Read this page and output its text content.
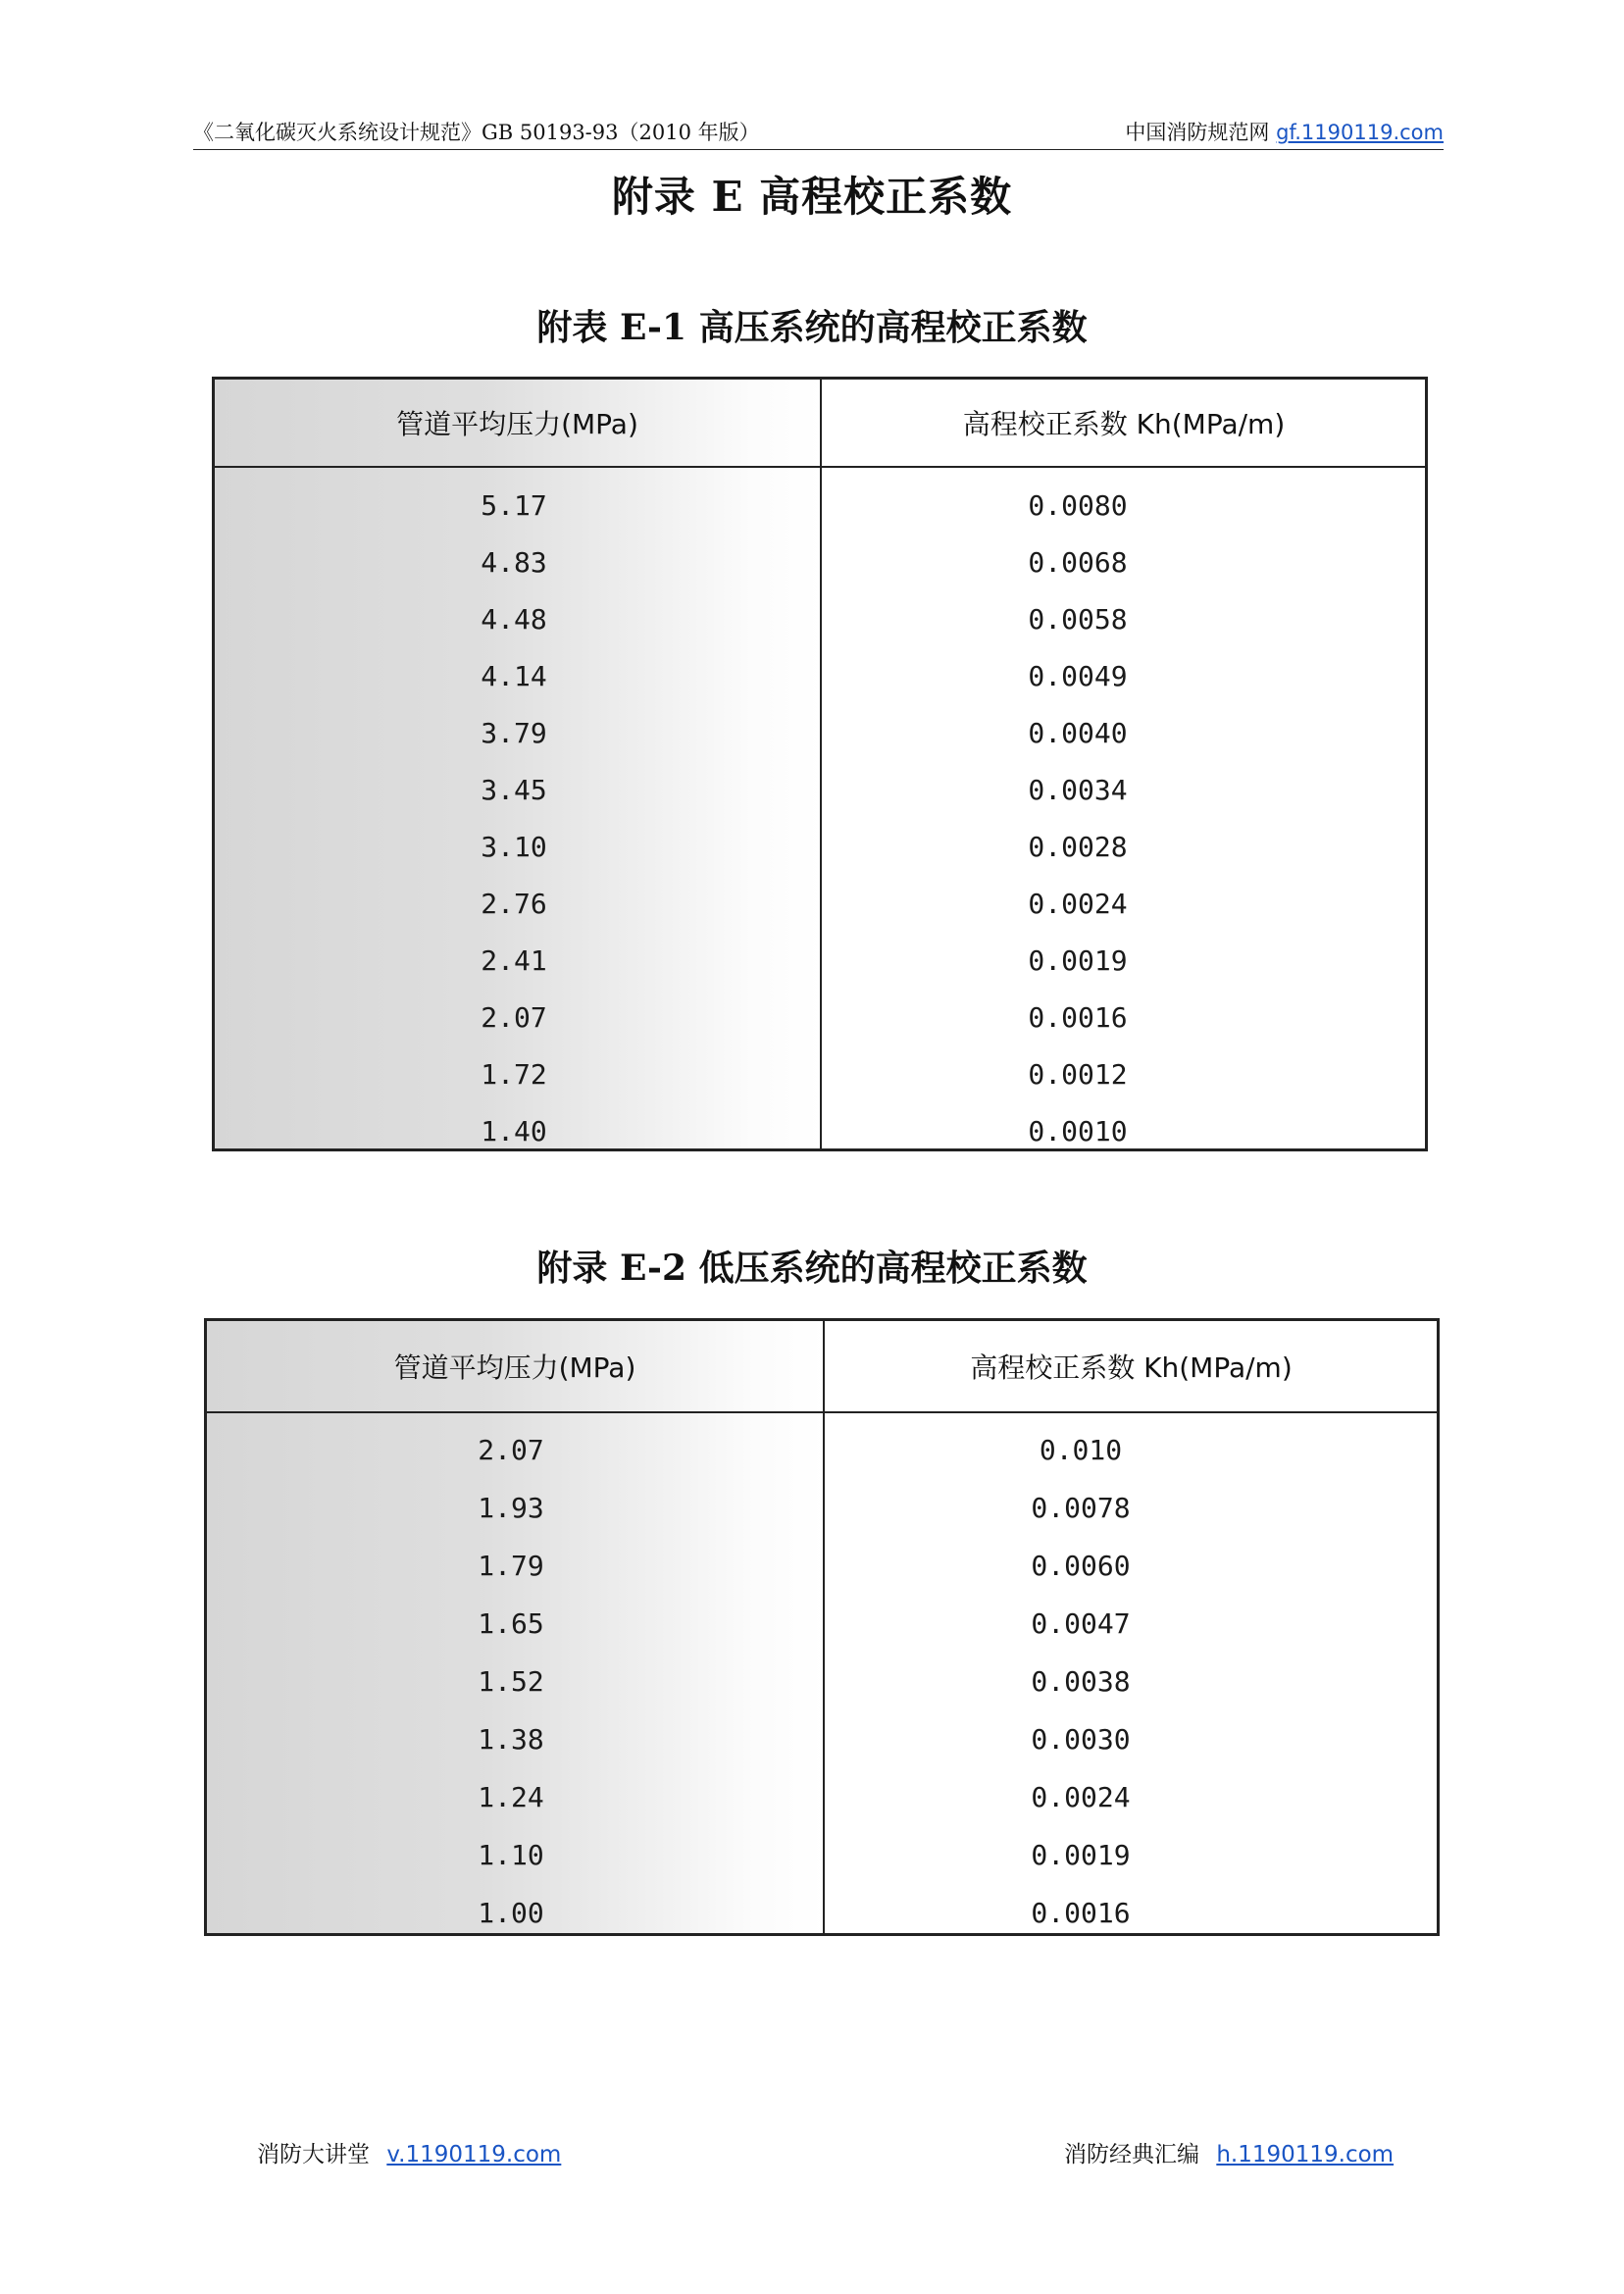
《二氧化碳灭火系统设计规范》GB 50193-93（2010 年版）	中国消防规范网 gf.1190119.com
附录 E 高程校正系数
附表 E-1 高压系统的高程校正系数
管道平均压力(MPa)	高程校正系数 Kh(MPa/m)
5.17	0.0080
4.83	0.0068
4.48	0.0058
4.14	0.0049
3.79	0.0040
3.45	0.0034
3.10	0.0028
2.76	0.0024
2.41	0.0019
2.07	0.0016
1.72	0.0012
1.40	0.0010
附录 E-2 低压系统的高程校正系数
管道平均压力(MPa)	高程校正系数 Kh(MPa/m)
2.07	0.010
1.93	0.0078
1.79	0.0060
1.65	0.0047
1.52	0.0038
1.38	0.0030
1.24	0.0024
1.10	0.0019
1.00	0.0016
消防大讲堂 v.1190119.com	消防经典汇编 h.1190119.com
